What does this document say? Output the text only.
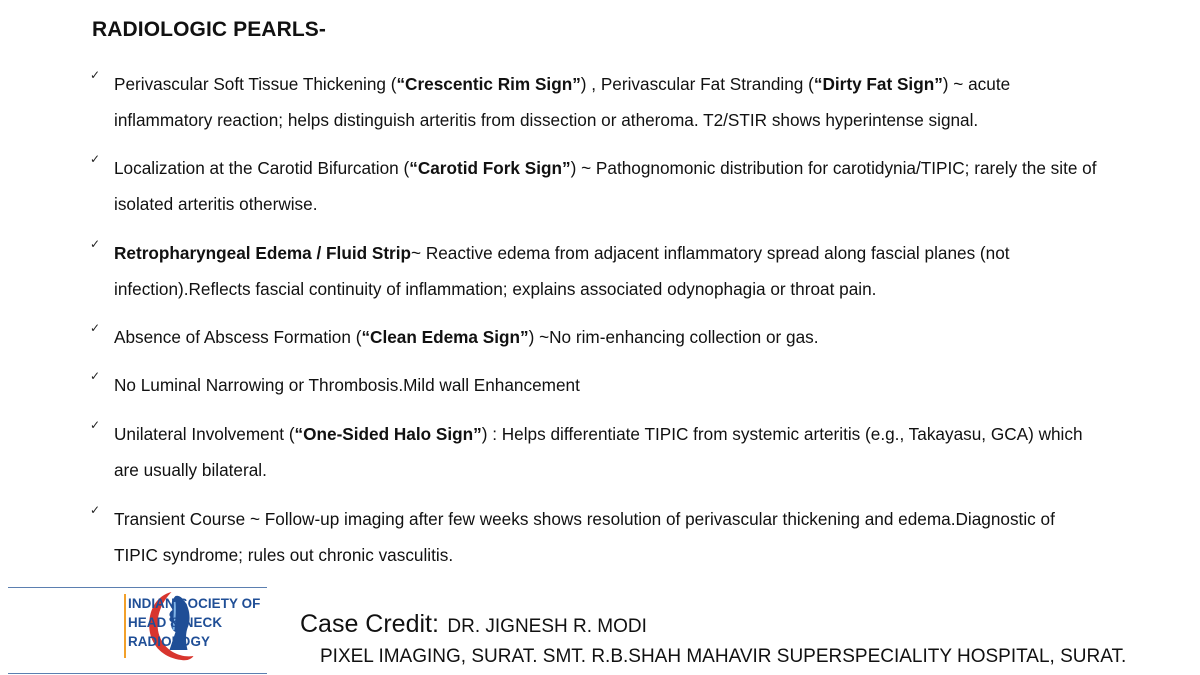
RADIOLOGIC PEARLS-
✓ Perivascular Soft Tissue Thickening (“Crescentic Rim Sign”) , Perivascular Fat Stranding (“Dirty Fat Sign”) ~ acute inflammatory reaction; helps distinguish arteritis from dissection or atheroma. T2/STIR shows hyperintense signal.
✓ Localization at the Carotid Bifurcation (“Carotid Fork Sign”) ~ Pathognomonic distribution for carotidynia/TIPIC; rarely the site of isolated arteritis otherwise.
✓ Retropharyngeal Edema / Fluid Strip~ Reactive edema from adjacent inflammatory spread along fascial planes (not infection).Reflects fascial continuity of inflammation; explains associated odynophagia or throat pain.
✓ Absence of Abscess Formation (“Clean Edema Sign”) ~No rim-enhancing collection or gas.
✓ No Luminal Narrowing or Thrombosis.Mild wall Enhancement
✓ Unilateral Involvement (“One-Sided Halo Sign”) : Helps differentiate TIPIC from systemic arteritis (e.g., Takayasu, GCA) which are usually bilateral.
✓ Transient Course ~ Follow-up imaging after few weeks shows resolution of perivascular thickening and edema.Diagnostic of TIPIC syndrome; rules out chronic vasculitis.
INDIAN SOCIETY OF
HEAD & NECK
RADIOLOGY
Case Credit: DR. JIGNESH R. MODI
PIXEL IMAGING, SURAT. SMT. R.B.SHAH MAHAVIR SUPERSPECIALITY HOSPITAL, SURAT.
